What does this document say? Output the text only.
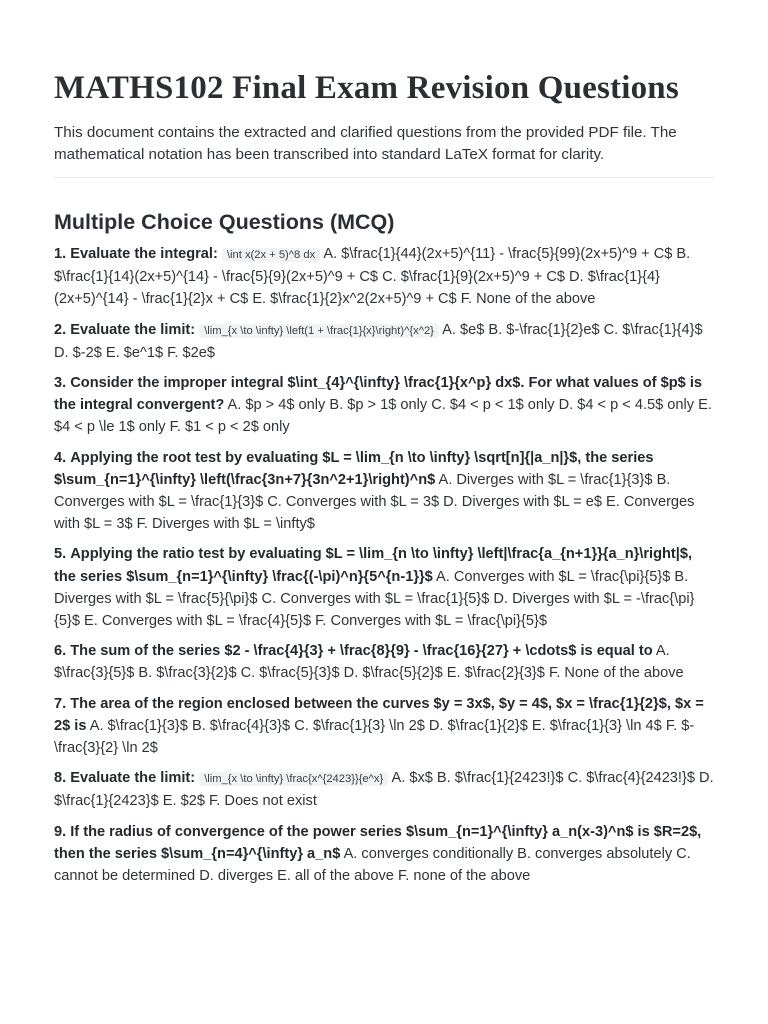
MATHS102 Final Exam Revision Questions

This document contains the extracted and clarified questions from the provided PDF file. The mathematical notation has been transcribed into standard LaTeX format for clarity.

Multiple Choice Questions (MCQ)

1. Evaluate the integral: \int x(2x + 5)^8 dx A. $\frac{1}{44}(2x+5)^{11} - \frac{5}{99}(2x+5)^9 + C$ B. $\frac{1}{14}(2x+5)^{14} - \frac{5}{9}(2x+5)^9 + C$ C. $\frac{1}{9}(2x+5)^9 + C$ D. $\frac{1}{4}(2x+5)^{14} - \frac{1}{2}x + C$ E. $\frac{1}{2}x^2(2x+5)^9 + C$ F. None of the above

2. Evaluate the limit: \lim_{x \to \infty} \left(1 + \frac{1}{x}\right)^{x^2} A. $e$ B. $-\frac{1}{2}e$ C. $\frac{1}{4}$ D. $-2$ E. $e^1$ F. $2e$

3. Consider the improper integral $\int_{4}^{\infty} \frac{1}{x^p} dx$. For what values of $p$ is the integral convergent? A. $p > 4$ only B. $p > 1$ only C. $4 < p < 1$ only D. $4 < p < 4.5$ only E. $4 < p \le 1$ only F. $1 < p < 2$ only

4. Applying the root test by evaluating $L = \lim_{n \to \infty} \sqrt[n]{|a_n|}$, the series $\sum_{n=1}^{\infty} \left(\frac{3n+7}{3n^2+1}\right)^n$ A. Diverges with $L = \frac{1}{3}$ B. Converges with $L = \frac{1}{3}$ C. Converges with $L = 3$ D. Diverges with $L = e$ E. Converges with $L = 3$ F. Diverges with $L = \infty$

5. Applying the ratio test by evaluating $L = \lim_{n \to \infty} \left|\frac{a_{n+1}}{a_n}\right|$, the series $\sum_{n=1}^{\infty} \frac{(-\pi)^n}{5^{n-1}}$ A. Converges with $L = \frac{\pi}{5}$ B. Diverges with $L = \frac{5}{\pi}$ C. Converges with $L = \frac{1}{5}$ D. Diverges with $L = -\frac{\pi}{5}$ E. Converges with $L = \frac{4}{5}$ F. Converges with $L = \frac{\pi}{5}$

6. The sum of the series $2 - \frac{4}{3} + \frac{8}{9} - \frac{16}{27} + \cdots$ is equal to A. $\frac{3}{5}$ B. $\frac{3}{2}$ C. $\frac{5}{3}$ D. $\frac{5}{2}$ E. $\frac{2}{3}$ F. None of the above

7. The area of the region enclosed between the curves $y = 3x$, $y = 4$, $x = \frac{1}{2}$, $x = 2$ is A. $\frac{1}{3}$ B. $\frac{4}{3}$ C. $\frac{1}{3} \ln 2$ D. $\frac{1}{2}$ E. $\frac{1}{3} \ln 4$ F. $-\frac{3}{2} \ln 2$

8. Evaluate the limit: \lim_{x \to \infty} \frac{x^{2423}}{e^x} A. $x$ B. $\frac{1}{2423!}$ C. $\frac{4}{2423!}$ D. $\frac{1}{2423}$ E. $2$ F. Does not exist

9. If the radius of convergence of the power series $\sum_{n=1}^{\infty} a_n(x-3)^n$ is $R=2$, then the series $\sum_{n=4}^{\infty} a_n$ A. converges conditionally B. converges absolutely C. cannot be determined D. diverges E. all of the above F. none of the above
